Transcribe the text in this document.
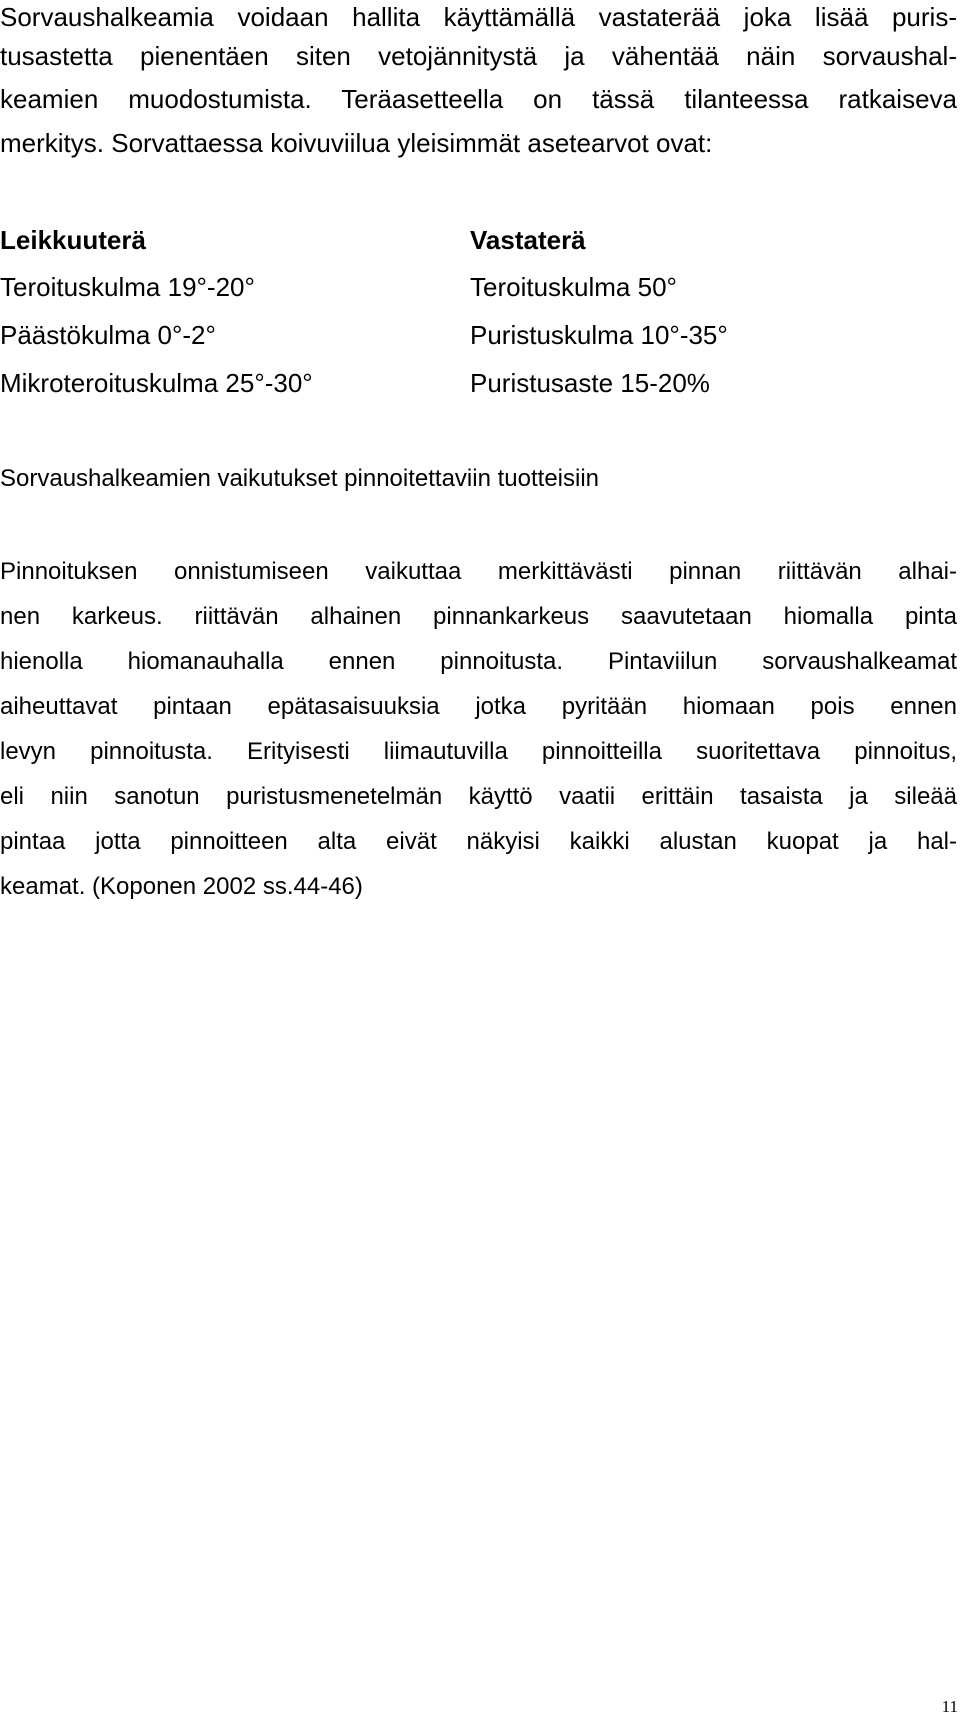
Sorvaushalkeamia voidaan hallita käyttämällä vastaterää joka lisää puris-
tusastetta pienentäen siten vetojännitystä ja vähentää näin sorvaushal-
keamien muodostumista. Teräasetteella on tässä tilanteessa ratkaiseva
merkitys. Sorvattaessa koivuviilua yleisimmät asetearvot ovat:
Leikkuuterä	Vastaterä
Teroituskulma 19°-20°	Teroituskulma 50°
Päästökulma 0°-2°	Puristuskulma 10°-35°
Mikroteroituskulma 25°-30°	Puristusaste 15-20%
Sorvaushalkeamien vaikutukset pinnoitettaviin tuotteisiin
Pinnoituksen onnistumiseen vaikuttaa merkittävästi pinnan riittävän alhai-
nen karkeus. riittävän alhainen pinnankarkeus saavutetaan hiomalla pinta
hienolla hiomanauhalla ennen pinnoitusta. Pintaviilun sorvaushalkeamat
aiheuttavat pintaan epätasaisuuksia jotka pyritään hiomaan pois ennen
levyn pinnoitusta. Erityisesti liimautuvilla pinnoitteilla suoritettava pinnoitus,
eli niin sanotun puristusmenetelmän käyttö vaatii erittäin tasaista ja sileää
pintaa jotta pinnoitteen alta eivät näkyisi kaikki alustan kuopat ja hal-
keamat. (Koponen 2002 ss.44-46)
11
